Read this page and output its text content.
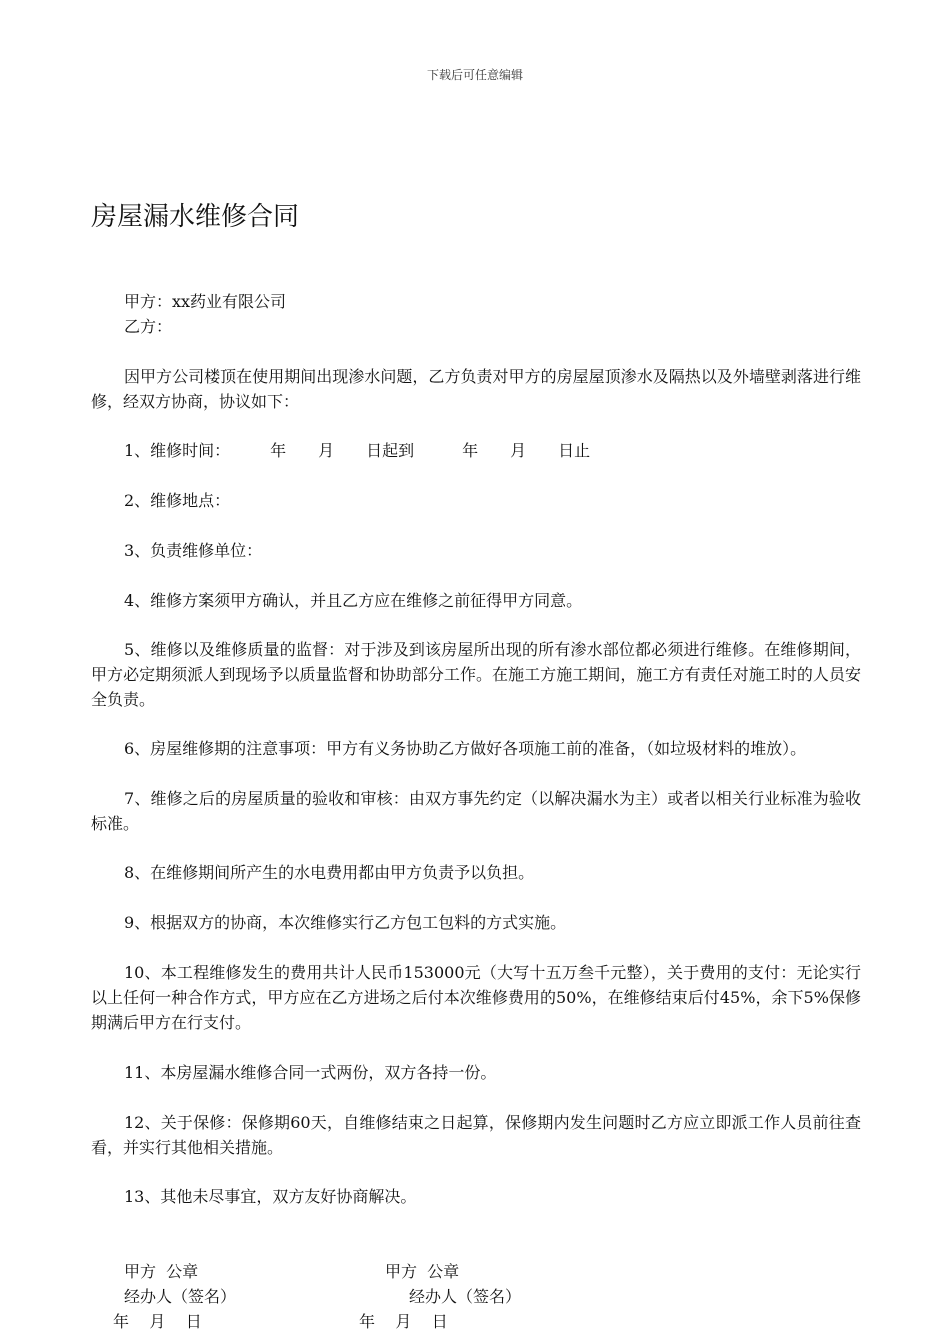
下载后可任意编辑
房屋漏水维修合同
甲方：xx药业有限公司
乙方：
因甲方公司楼顶在使用期间出现渗水问题，乙方负责对甲方的房屋屋顶渗水及隔热以及外墙壁剥落进行维修，经双方协商，协议如下：
1、维修时间：　　　年　　月　　日起到　　　年　　月　　日止
2、维修地点：
3、负责维修单位：
4、维修方案须甲方确认，并且乙方应在维修之前征得甲方同意。
5、维修以及维修质量的监督：对于涉及到该房屋所出现的所有渗水部位都必须进行维修。在维修期间，甲方必定期须派人到现场予以质量监督和协助部分工作。在施工方施工期间，施工方有责任对施工时的人员安全负责。
6、房屋维修期的注意事项：甲方有义务协助乙方做好各项施工前的准备，（如垃圾材料的堆放）。
7、维修之后的房屋质量的验收和审核：由双方事先约定（以解决漏水为主）或者以相关行业标准为验收标准。
8、在维修期间所产生的水电费用都由甲方负责予以负担。
9、根据双方的协商，本次维修实行乙方包工包料的方式实施。
10、本工程维修发生的费用共计人民币153000元（大写十五万叁千元整），关于费用的支付：无论实行以上任何一种合作方式，甲方应在乙方进场之后付本次维修费用的50%，在维修结束后付45%，余下5%保修期满后甲方在行支付。
11、本房屋漏水维修合同一式两份，双方各持一份。
12、关于保修：保修期60天，自维修结束之日起算，保修期内发生问题时乙方应立即派工作人员前往查看，并实行其他相关措施。
13、其他未尽事宜，双方友好协商解决。
甲方  公章	甲方  公章
经办人（签名）	经办人（签名）
年    月    日	年    月    日
